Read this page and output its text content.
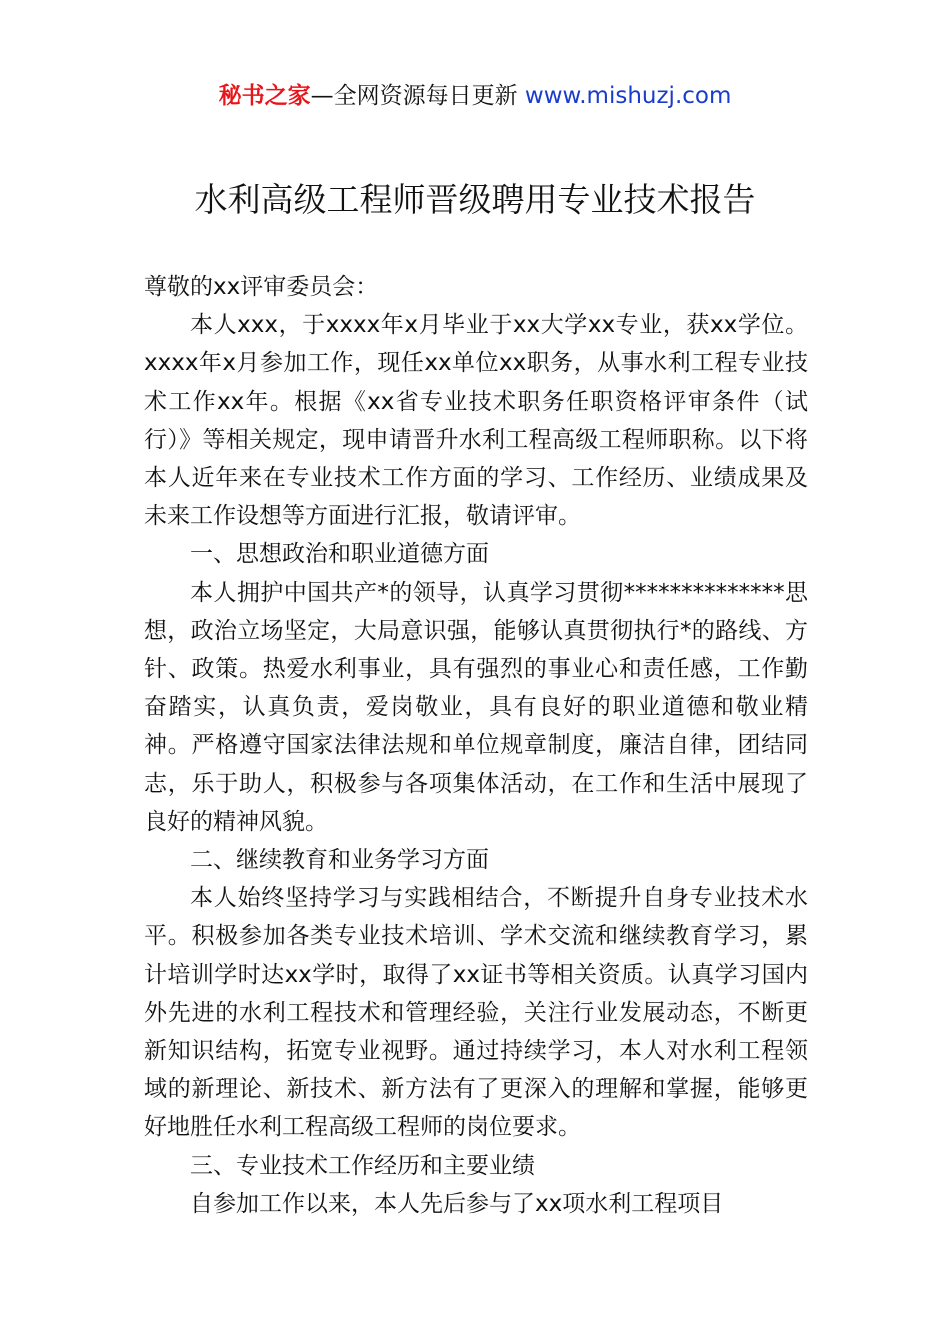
秘书之家—全网资源每日更新 www.mishuzj.com
水利高级工程师晋级聘用专业技术报告

尊敬的xx评审委员会：

本人xxx，于xxxx年x月毕业于xx大学xx专业，获xx学位。xxxx年x月参加工作，现任xx单位xx职务，从事水利工程专业技术工作xx年。根据《xx省专业技术职务任职资格评审条件（试行）》等相关规定，现申请晋升水利工程高级工程师职称。以下将本人近年来在专业技术工作方面的学习、工作经历、业绩成果及未来工作设想等方面进行汇报，敬请评审。

一、思想政治和职业道德方面

本人拥护中国共产*的领导，认真学习贯彻**************思想，政治立场坚定，大局意识强，能够认真贯彻执行*的路线、方针、政策。热爱水利事业，具有强烈的事业心和责任感，工作勤奋踏实，认真负责，爱岗敬业，具有良好的职业道德和敬业精神。严格遵守国家法律法规和单位规章制度，廉洁自律，团结同志，乐于助人，积极参与各项集体活动，在工作和生活中展现了良好的精神风貌。

二、继续教育和业务学习方面

本人始终坚持学习与实践相结合，不断提升自身专业技术水平。积极参加各类专业技术培训、学术交流和继续教育学习，累计培训学时达xx学时，取得了xx证书等相关资质。认真学习国内外先进的水利工程技术和管理经验，关注行业发展动态，不断更新知识结构，拓宽专业视野。通过持续学习，本人对水利工程领域的新理论、新技术、新方法有了更深入的理解和掌握，能够更好地胜任水利工程高级工程师的岗位要求。

三、专业技术工作经历和主要业绩

自参加工作以来，本人先后参与了xx项水利工程项目
